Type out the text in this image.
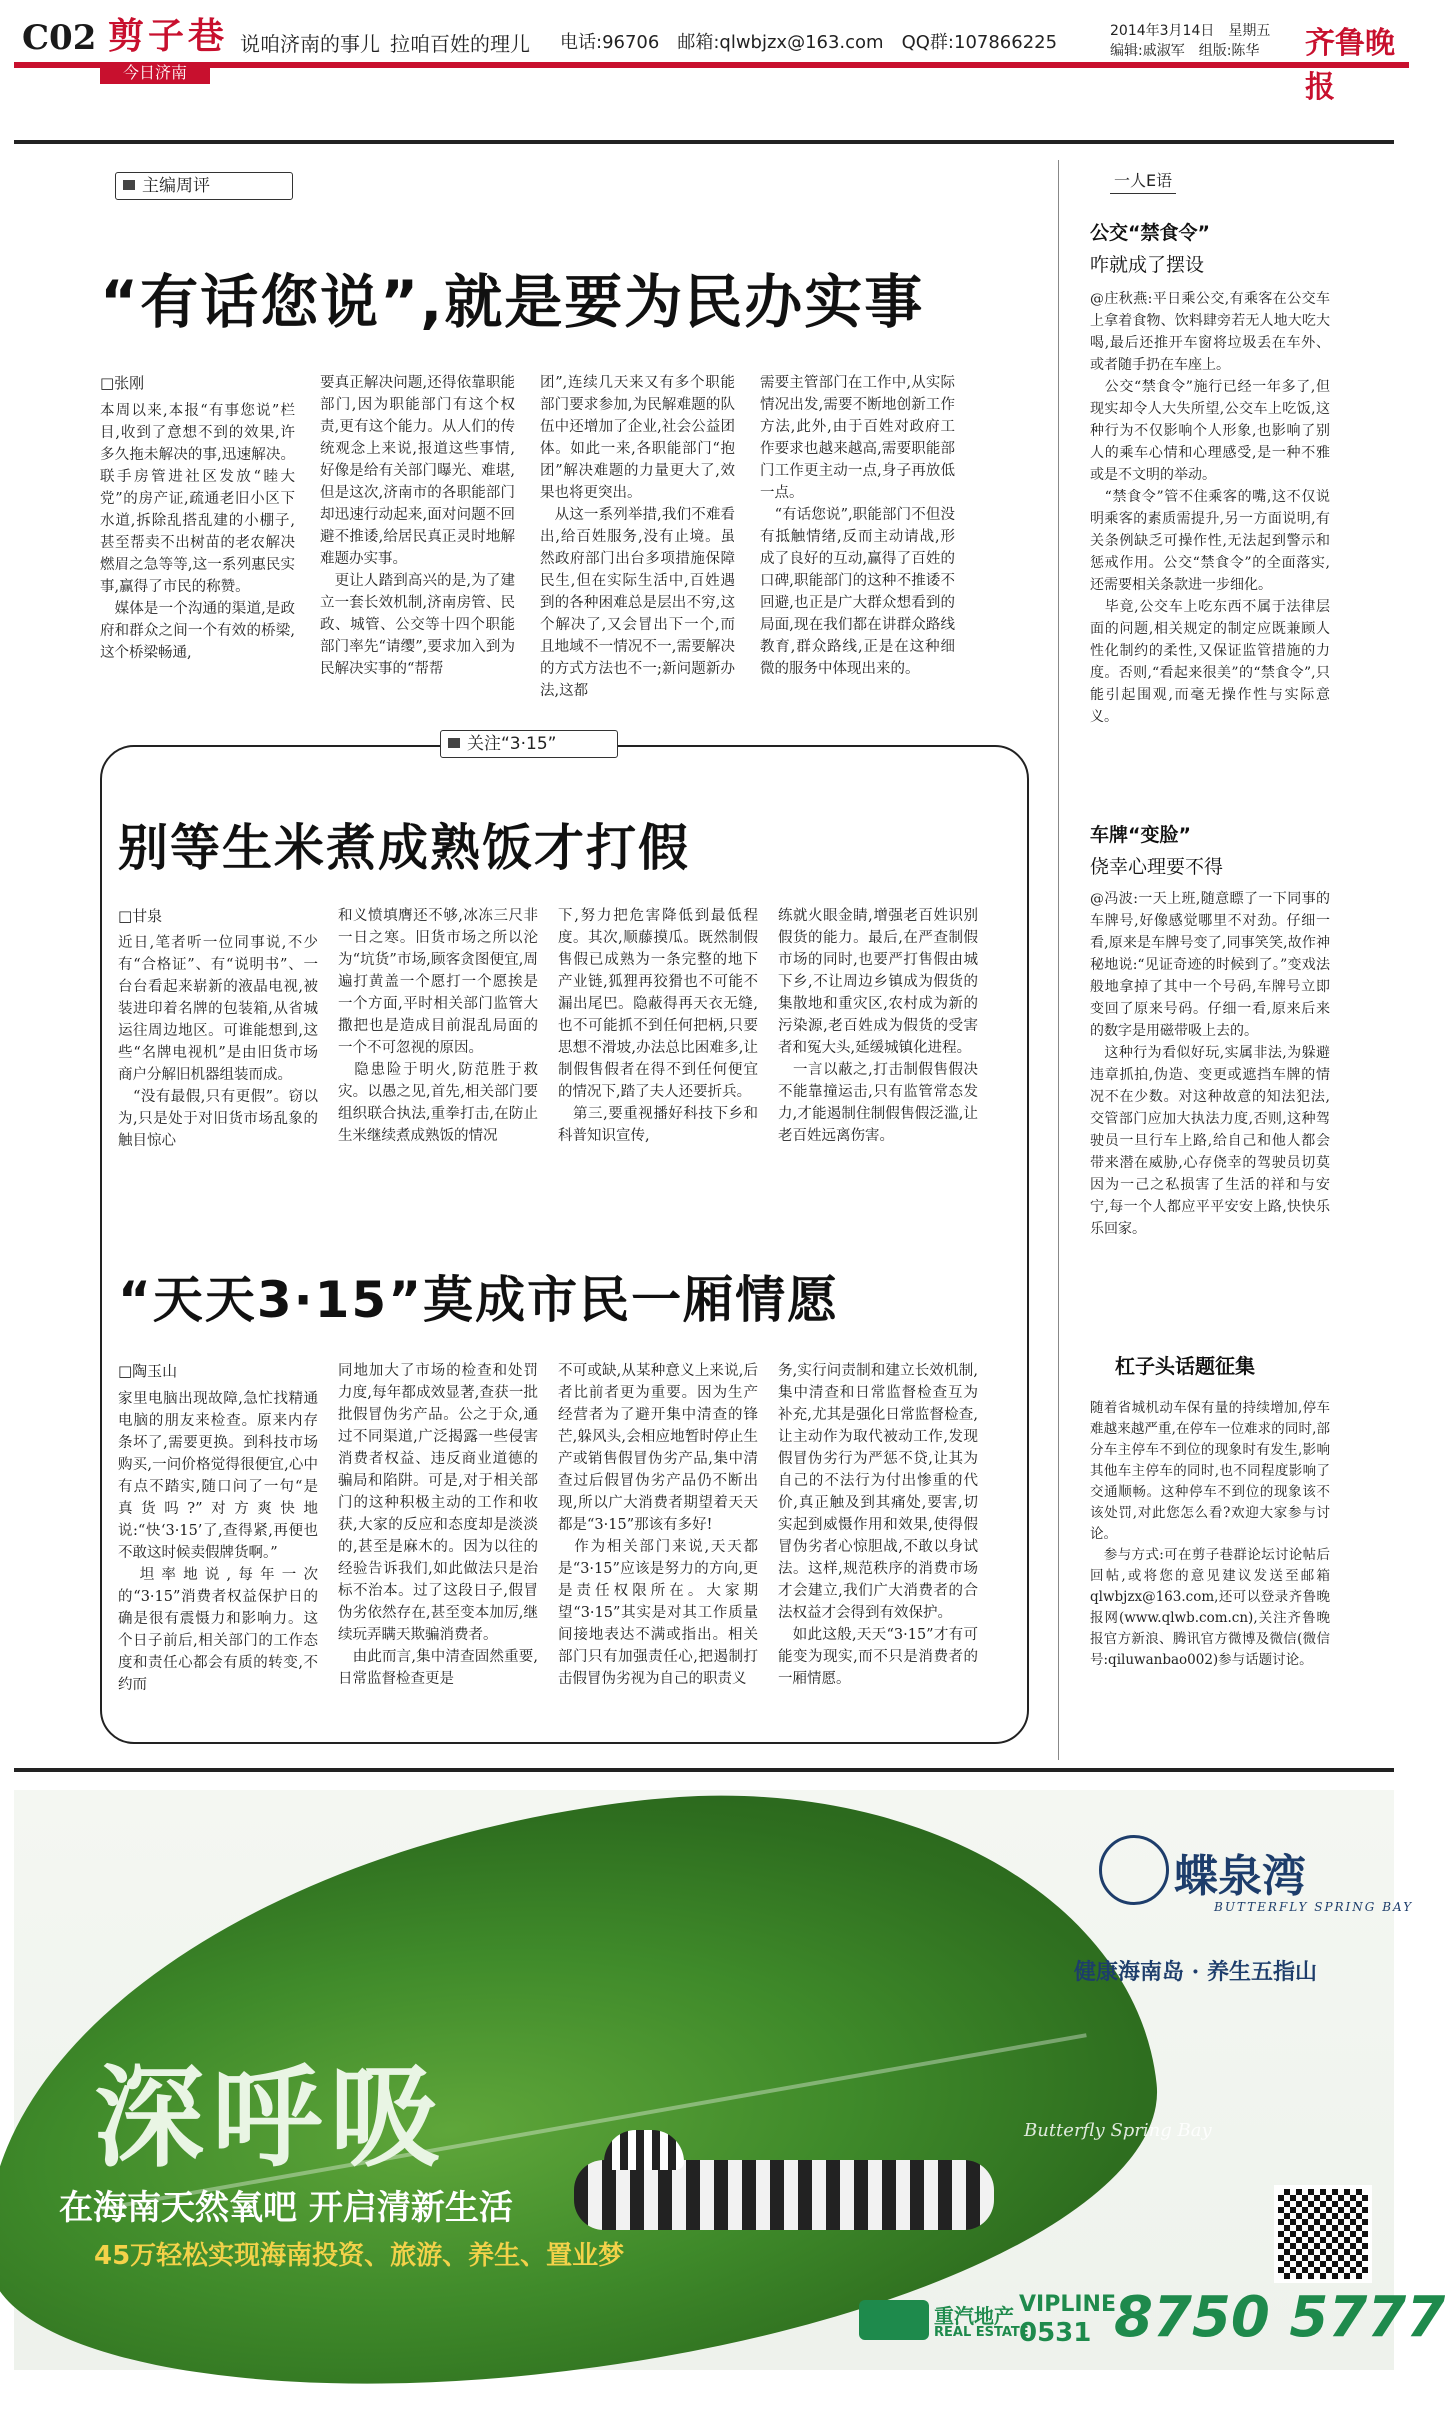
C02 剪子巷 说咱济南的事儿 拉咱百姓的理儿 电话:96706　邮箱:qlwbjzx@163.com　QQ群:107866225
2014年3月14日　星期五
编辑:戚淑军　组版:陈华 齐鲁晚报
今日济南
主编周评
“有话您说”,就是要为民办实事
□张刚
本周以来,本报“有事您说”栏目,收到了意想不到的效果,许多久拖未解决的事,迅速解决。联手房管进社区发放“睦大党”的房产证,疏通老旧小区下水道,拆除乱搭乱建的小棚子,甚至帮卖不出树苗的老农解决燃眉之急等等,这一系列惠民实事,赢得了市民的称赞。
　媒体是一个沟通的渠道,是政府和群众之间一个有效的桥梁,这个桥梁畅通,
要真正解决问题,还得依靠职能部门,因为职能部门有这个权责,更有这个能力。从人们的传统观念上来说,报道这些事情,好像是给有关部门曝光、难堪,但是这次,济南市的各职能部门却迅速行动起来,面对问题不回避不推诿,给居民真正灵时地解难题办实事。
　更让人踏到高兴的是,为了建立一套长效机制,济南房管、民政、城管、公交等十四个职能部门率先“请缨”,要求加入到为民解决实事的“帮帮
团”,连续几天来又有多个职能部门要求参加,为民解难题的队伍中还增加了企业,社会公益团体。如此一来,各职能部门“抱团”解决难题的力量更大了,效果也将更突出。
　从这一系列举措,我们不难看出,给百姓服务,没有止境。虽然政府部门出台多项措施保障民生,但在实际生活中,百姓遇到的各种困难总是层出不穷,这个解决了,又会冒出下一个,而且地域不一情况不一,需要解决的方式方法也不一;新问题新办法,这都
需要主管部门在工作中,从实际情况出发,需要不断地创新工作方法,此外,由于百姓对政府工作要求也越来越高,需要职能部门工作更主动一点,身子再放低一点。
　“有话您说”,职能部门不但没有抵触情绪,反而主动请战,形成了良好的互动,赢得了百姓的口碑,职能部门的这种不推诿不回避,也正是广大群众想看到的局面,现在我们都在讲群众路线教育,群众路线,正是在这种细微的服务中体现出来的。
关注“3·15”
别等生米煮成熟饭才打假
□甘泉
近日,笔者听一位同事说,不少有“合格证”、有“说明书”、一台台看起来崭新的液晶电视,被装进印着名牌的包装箱,从省城运往周边地区。可谁能想到,这些“名牌电视机”是由旧货市场商户分解旧机器组装而成。
　“没有最假,只有更假”。窃以为,只是处于对旧货市场乱象的触目惊心
和义愤填膺还不够,冰冻三尺非一日之寒。旧货市场之所以沦为“坑货”市场,顾客贪图便宜,周遍打黄盖一个愿打一个愿挨是一个方面,平时相关部门监管大撒把也是造成目前混乱局面的一个不可忽视的原因。
　隐患险于明火,防范胜于救灾。以愚之见,首先,相关部门要组织联合执法,重拳打击,在防止生米继续煮成熟饭的情况
下,努力把危害降低到最低程度。其次,顺藤摸瓜。既然制假售假已成熟为一条完整的地下产业链,狐狸再狡猾也不可能不漏出尾巴。隐蔽得再天衣无缝,也不可能抓不到任何把柄,只要思想不滑坡,办法总比困难多,让制假售假者在得不到任何便宜的情况下,踏了夫人还要折兵。
　第三,要重视播好科技下乡和科普知识宣传,
练就火眼金睛,增强老百姓识别假货的能力。最后,在严查制假市场的同时,也要严打售假由城下乡,不让周边乡镇成为假货的集散地和重灾区,农村成为新的污染源,老百姓成为假货的受害者和冤大头,延缓城镇化进程。
　一言以蔽之,打击制假售假决不能靠撞运击,只有监管常态发力,才能遏制住制假售假泛滥,让老百姓远离伤害。
“天天3·15”莫成市民一厢情愿
□陶玉山
家里电脑出现故障,急忙找精通电脑的朋友来检查。原来内存条坏了,需要更换。到科技市场购买,一问价格觉得很便宜,心中有点不踏实,随口问了一句“是真货吗?”对方爽快地说:“快‘3·15’了,查得紧,再便也不敢这时候卖假牌货啊。”
　坦率地说,每年一次的“3·15”消费者权益保护日的确是很有震慑力和影响力。这个日子前后,相关部门的工作态度和责任心都会有质的转变,不约而
同地加大了市场的检查和处罚力度,每年都成效显著,查获一批批假冒伪劣产品。公之于众,通过不同渠道,广泛揭露一些侵害消费者权益、违反商业道德的骗局和陷阱。可是,对于相关部门的这种积极主动的工作和收获,大家的反应和态度却是淡淡的,甚至是麻木的。因为以往的经验告诉我们,如此做法只是治标不治本。过了这段日子,假冒伪劣依然存在,甚至变本加厉,继续玩弄瞒天欺骗消费者。
　由此而言,集中清查固然重要,日常监督检查更是
不可或缺,从某种意义上来说,后者比前者更为重要。因为生产经营者为了避开集中清查的锋芒,躲风头,会相应地暂时停止生产或销售假冒伪劣产品,集中清查过后假冒伪劣产品仍不断出现,所以广大消费者期望着天天都是“3·15”那该有多好!
　作为相关部门来说,天天都是“3·15”应该是努力的方向,更是责任权限所在。大家期望“3·15”其实是对其工作质量间接地表达不满或指出。相关部门只有加强责任心,把遏制打击假冒伪劣视为自己的职责义
务,实行问责制和建立长效机制,集中清查和日常监督检查互为补充,尤其是强化日常监督检查,让主动作为取代被动工作,发现假冒伪劣行为严惩不贷,让其为自己的不法行为付出惨重的代价,真正触及到其痛处,要害,切实起到威慑作用和效果,使得假冒伪劣者心惊胆战,不敢以身试法。这样,规范秩序的消费市场才会建立,我们广大消费者的合法权益才会得到有效保护。
　如此这般,天天“3·15”才有可能变为现实,而不只是消费者的一厢情愿。
一人E语
公交“禁食令”
咋就成了摆设
@庄秋燕:平日乘公交,有乘客在公交车上拿着食物、饮料肆旁若无人地大吃大喝,最后还推开车窗将垃圾丢在车外、或者随手扔在车座上。
　公交“禁食令”施行已经一年多了,但现实却令人大失所望,公交车上吃饭,这种行为不仅影响个人形象,也影响了别人的乘车心情和心理感受,是一种不雅或是不文明的举动。
　“禁食令”管不住乘客的嘴,这不仅说明乘客的素质需提升,另一方面说明,有关条例缺乏可操作性,无法起到警示和惩戒作用。公交“禁食令”的全面落实,还需要相关条款进一步细化。
　毕竟,公交车上吃东西不属于法律层面的问题,相关规定的制定应既兼顾人性化制约的柔性,又保证监管措施的力度。否则,“看起来很美”的“禁食令”,只能引起围观,而毫无操作性与实际意义。
车牌“变脸”
侥幸心理要不得
@冯波:一天上班,随意瞟了一下同事的车牌号,好像感觉哪里不对劲。仔细一看,原来是车牌号变了,同事笑笑,故作神秘地说:“见证奇迹的时候到了。”变戏法般地拿掉了其中一个号码,车牌号立即变回了原来号码。仔细一看,原来后来的数字是用磁带吸上去的。
　这种行为看似好玩,实属非法,为躲避违章抓拍,伪造、变更或遮挡车牌的情况不在少数。对这种故意的知法犯法,交管部门应加大执法力度,否则,这种驾驶员一旦行车上路,给自己和他人都会带来潜在威胁,心存侥幸的驾驶员切莫因为一己之私损害了生活的祥和与安宁,每一个人都应平平安安上路,快快乐乐回家。
杠子头话题征集
随着省城机动车保有量的持续增加,停车难越来越严重,在停车一位难求的同时,部分车主停车不到位的现象时有发生,影响其他车主停车的同时,也不同程度影响了交通顺畅。这种停车不到位的现象该不该处罚,对此您怎么看?欢迎大家参与讨论。
　参与方式:可在剪子巷群论坛讨论帖后回帖,或将您的意见建议发送至邮箱qlwbjzx@163.com,还可以登录齐鲁晚报网(www.qlwb.com.cn),关注齐鲁晚报官方新浪、腾讯官方微博及微信(微信号:qiluwanbao002)参与话题讨论。
深呼吸
在海南天然氧吧 开启清新生活
45万轻松实现海南投资、旅游、养生、置业梦
Butterfly Spring Bay
蝶泉湾
BUTTERFLY SPRING BAY
健康海南岛 · 养生五指山
重汽地产
REAL ESTATE
VIPLINE
0531 8750 5777
